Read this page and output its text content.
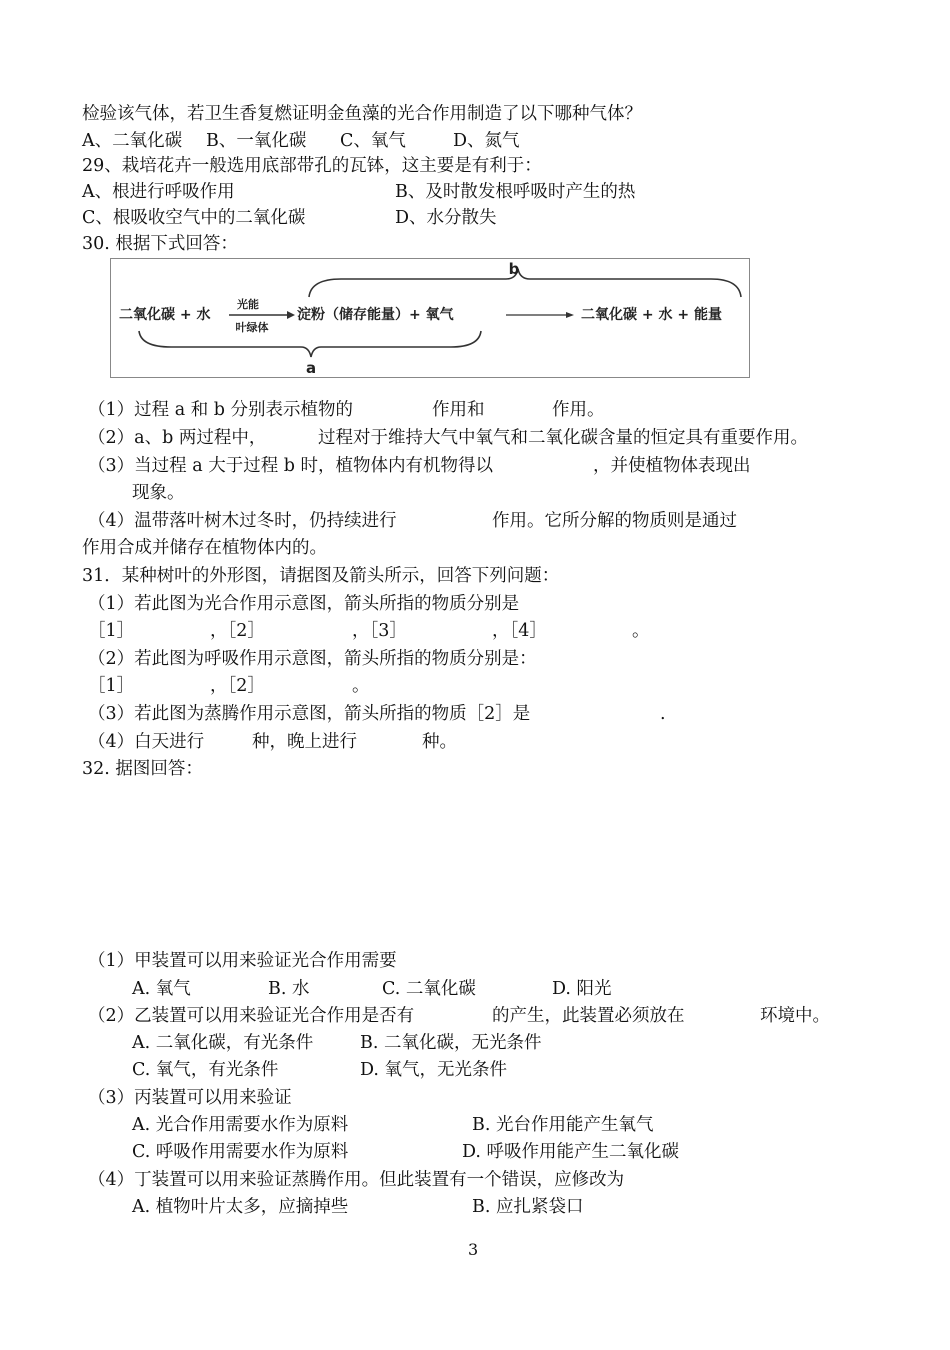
检验该气体，若卫生香复燃证明金鱼藻的光合作用制造了以下哪种气体？
A、二氧化碳 B、一氧化碳 C、氧气	D、氮气
29、栽培花卉一般选用底部带孔的瓦钵，这主要是有利于：
A、根进行呼吸作用	B、及时散发根呼吸时产生的热
C、根吸收空气中的二氧化碳	D、水分散失
30. 根据下式回答：
b
二氧化碳 + 水
光能
叶绿体
淀粉（储存能量）+ 氧气	二氧化碳 + 水 + 能量
a
（1）过程 a 和 b 分别表示植物的	作用和	作用。
（2）a、b 两过程中，	过程对于维持大气中氧气和二氧化碳含量的恒定具有重要作用。
（3）当过程 a 大于过程 b 时，植物体内有机物得以	，并使植物体表现出
现象。
（4）温带落叶树木过冬时，仍持续进行	作用。它所分解的物质则是通过
作用合成并储存在植物体内的。
31．某种树叶的外形图，请据图及箭头所示，回答下列问题：
（1）若此图为光合作用示意图，箭头所指的物质分别是
［1］	，［2］	，［3］	，［4］	。
（2）若此图为呼吸作用示意图，箭头所指的物质分别是：
［1］	，［2］	。
（3）若此图为蒸腾作用示意图，箭头所指的物质［2］是	.
（4）白天进行	种，晚上进行	种。
32. 据图回答：
（1）甲装置可以用来验证光合作用需要
A. 氧气	B. 水	C. 二氧化碳	D. 阳光
（2）乙装置可以用来验证光合作用是否有	的产生，此装置必须放在	环境中。
A. 二氧化碳，有光条件	B. 二氧化碳，无光条件
C. 氧气，有光条件	D. 氧气，无光条件
（3）丙装置可以用来验证
A. 光合作用需要水作为原料	B. 光台作用能产生氧气
C. 呼吸作用需要水作为原料	D. 呼吸作用能产生二氧化碳
（4）丁装置可以用来验证蒸腾作用。但此装置有一个错误，应修改为
A. 植物叶片太多，应摘掉些	B. 应扎紧袋口
3
